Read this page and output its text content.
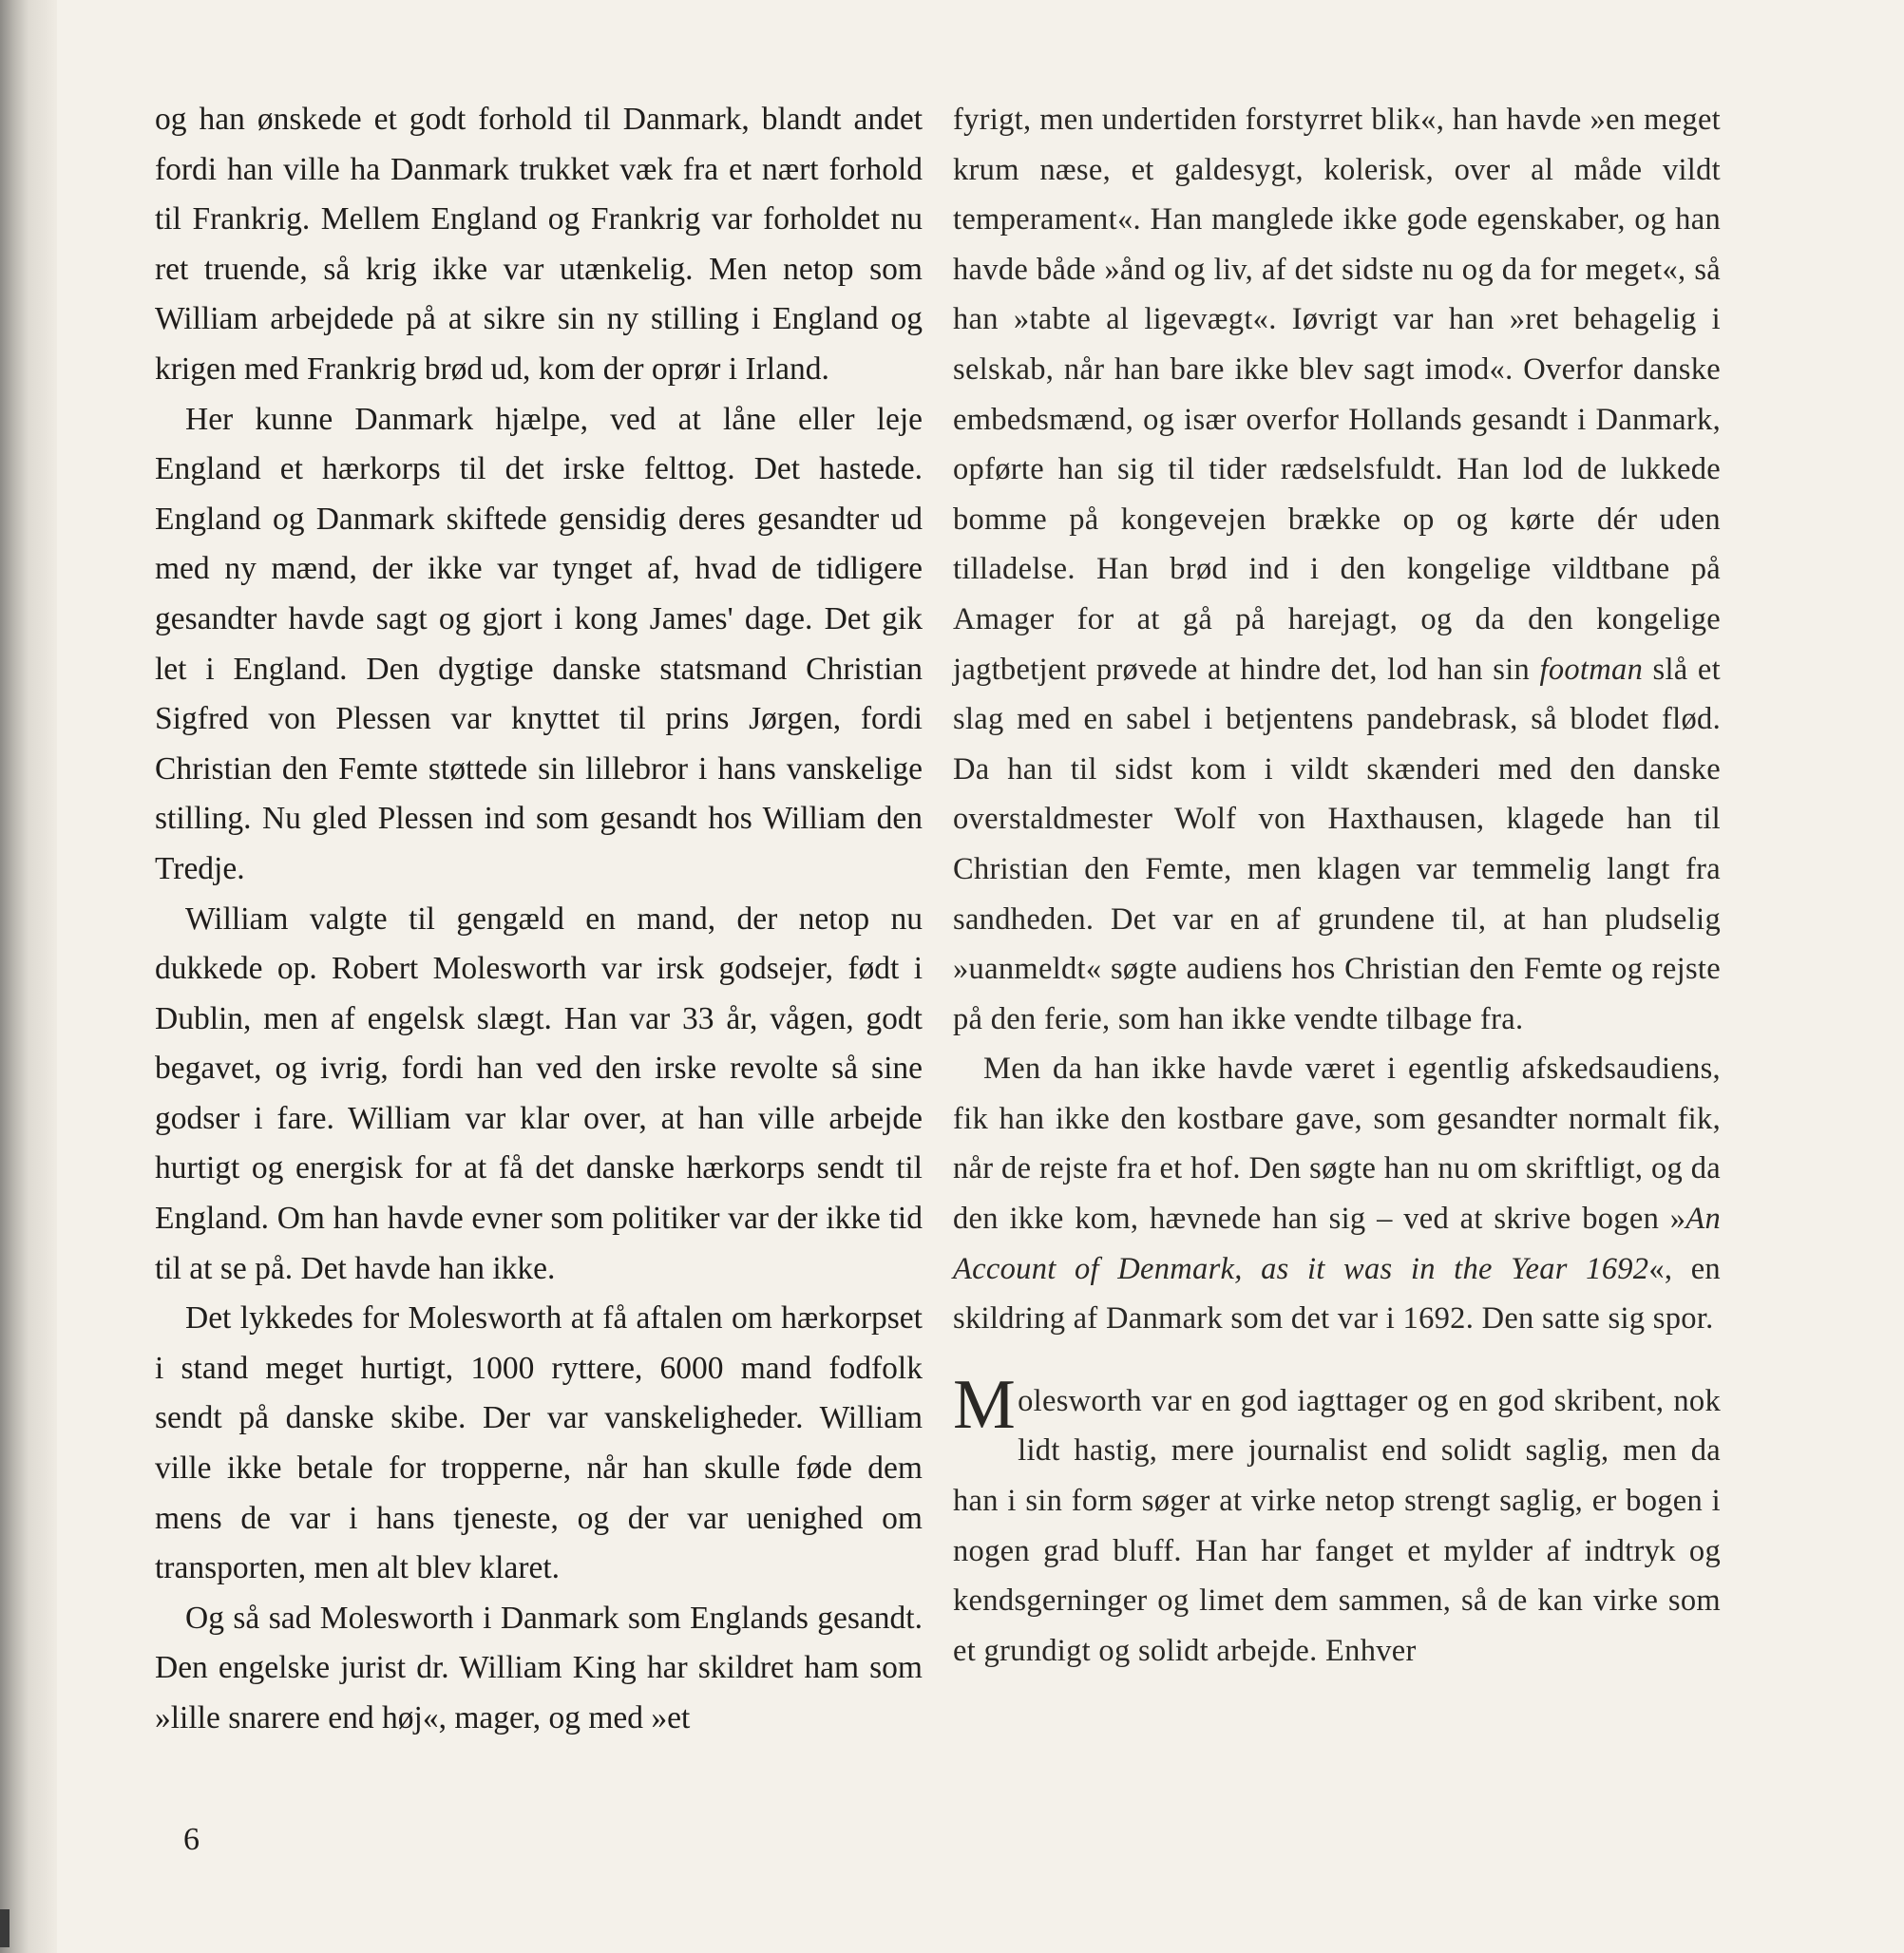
og han ønskede et godt forhold til Danmark, blandt andet fordi han ville ha Danmark trukket væk fra et nært forhold til Frankrig. Mellem England og Frankrig var forholdet nu ret truende, så krig ikke var utænkelig. Men netop som William arbejdede på at sikre sin ny stilling i England og krigen med Frankrig brød ud, kom der oprør i Irland.

Her kunne Danmark hjælpe, ved at låne eller leje England et hærkorps til det irske felttog. Det hastede. England og Danmark skiftede gensidig deres gesandter ud med ny mænd, der ikke var tynget af, hvad de tidligere gesandter havde sagt og gjort i kong James' dage. Det gik let i England. Den dygtige danske statsmand Christian Sigfred von Plessen var knyttet til prins Jørgen, fordi Christian den Femte støttede sin lillebror i hans vanskelige stilling. Nu gled Plessen ind som gesandt hos William den Tredje.

William valgte til gengæld en mand, der netop nu dukkede op. Robert Molesworth var irsk godsejer, født i Dublin, men af engelsk slægt. Han var 33 år, vågen, godt begavet, og ivrig, fordi han ved den irske revolte så sine godser i fare. William var klar over, at han ville arbejde hurtigt og energisk for at få det danske hærkorps sendt til England. Om han havde evner som politiker var der ikke tid til at se på. Det havde han ikke.

Det lykkedes for Molesworth at få aftalen om hærkorpset i stand meget hurtigt, 1000 ryttere, 6000 mand fodfolk sendt på danske skibe. Der var vanskeligheder. William ville ikke betale for tropperne, når han skulle føde dem mens de var i hans tjeneste, og der var uenighed om transporten, men alt blev klaret.

Og så sad Molesworth i Danmark som Englands gesandt. Den engelske jurist dr. William King har skildret ham som »lille snarere end høj«, mager, og med »et

fyrigt, men undertiden forstyrret blik«, han havde »en meget krum næse, et galdesygt, kolerisk, over al måde vildt temperament«. Han manglede ikke gode egenskaber, og han havde både »ånd og liv, af det sidste nu og da for meget«, så han »tabte al ligevægt«. Iøvrigt var han »ret behagelig i selskab, når han bare ikke blev sagt imod«. Overfor danske embedsmænd, og især overfor Hollands gesandt i Danmark, opførte han sig til tider rædselsfuldt. Han lod de lukkede bomme på kongevejen brække op og kørte dér uden tilladelse. Han brød ind i den kongelige vildtbane på Amager for at gå på harejagt, og da den kongelige jagtbetjent prøvede at hindre det, lod han sin footman slå et slag med en sabel i betjentens pandebrask, så blodet flød. Da han til sidst kom i vildt skænderi med den danske overstaldmester Wolf von Haxthausen, klagede han til Christian den Femte, men klagen var temmelig langt fra sandheden. Det var en af grundene til, at han pludselig »uanmeldt« søgte audiens hos Christian den Femte og rejste på den ferie, som han ikke vendte tilbage fra.

Men da han ikke havde været i egentlig afskedsaudiens, fik han ikke den kostbare gave, som gesandter normalt fik, når de rejste fra et hof. Den søgte han nu om skriftligt, og da den ikke kom, hævnede han sig – ved at skrive bogen »An Account of Denmark, as it was in the Year 1692«, en skildring af Danmark som det var i 1692. Den satte sig spor.

Molesworth var en god iagttager og en god skribent, nok lidt hastig, mere journalist end solidt saglig, men da han i sin form søger at virke netop strengt saglig, er bogen i nogen grad bluff. Han har fanget et mylder af indtryk og kendsgerninger og limet dem sammen, så de kan virke som et grundigt og solidt arbejde. Enhver

6
